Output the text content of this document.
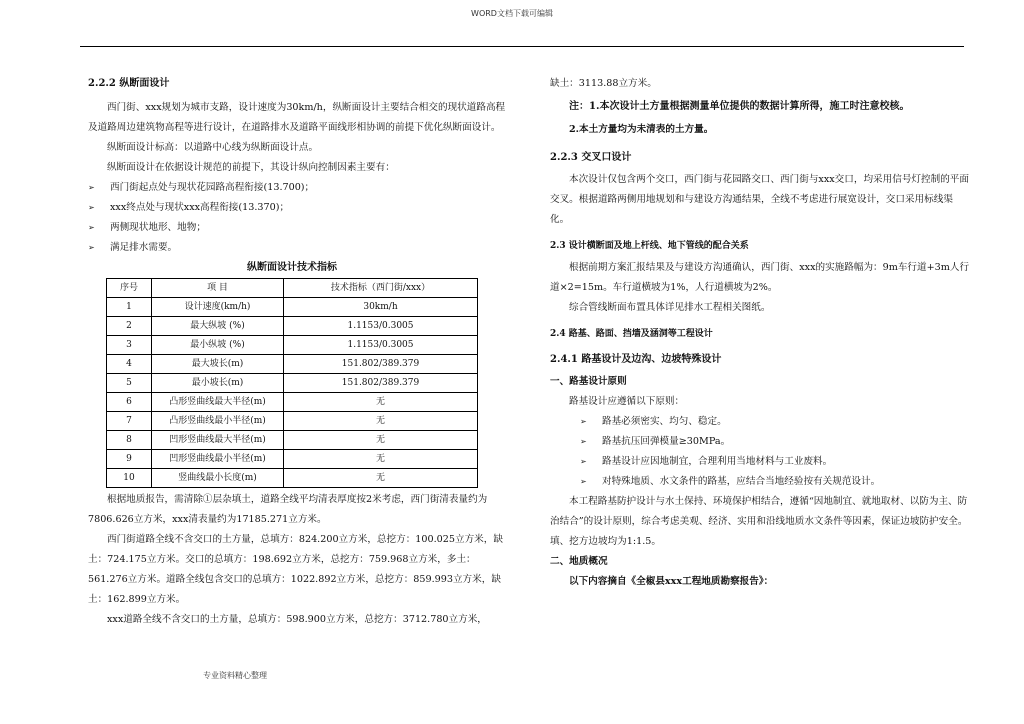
WORD文档下载可编辑

2.2.2 纵断面设计

西门街、xxx规划为城市支路，设计速度为30km/h，纵断面设计主要结合相交的现状道路高程及道路周边建筑物高程等进行设计，在道路排水及道路平面线形相协调的前提下优化纵断面设计。

纵断面设计标高：以道路中心线为纵断面设计点。

纵断面设计在依据设计规范的前提下，其设计纵向控制因素主要有：

➢ 西门街起点处与现状花园路高程衔接(13.700)；

➢ xxx终点处与现状xxx高程衔接(13.370)；

➢ 两侧现状地形、地物；

➢ 满足排水需要。

纵断面设计技术指标

序号	项 目	技术指标（西门街/xxx）
1	设计速度(km/h)	30km/h
2	最大纵坡 (%)	1.1153/0.3005
3	最小纵坡 (%)	1.1153/0.3005
4	最大坡长(m)	151.802/389.379
5	最小坡长(m)	151.802/389.379
6	凸形竖曲线最大半径(m)	无
7	凸形竖曲线最小半径(m)	无
8	凹形竖曲线最大半径(m)	无
9	凹形竖曲线最小半径(m)	无
10	竖曲线最小长度(m)	无

根据地质报告，需清除①层杂填土，道路全线平均清表厚度按2米考虑，西门街清表量约为7806.626立方米，xxx清表量约为17185.271立方米。

西门街道路全线不含交口的土方量，总填方：824.200立方米，总挖方：100.025立方米，缺土：724.175立方米。交口的总填方：198.692立方米，总挖方：759.968立方米，多土：561.276立方米。道路全线包含交口的总填方：1022.892立方米，总挖方：859.993立方米，缺土：162.899立方米。

xxx道路全线不含交口的土方量，总填方：598.900立方米，总挖方：3712.780立方米，

缺土：3113.88立方米。

注：1.本次设计土方量根据测量单位提供的数据计算所得，施工时注意校核。

2.本土方量均为未清表的土方量。

2.2.3 交叉口设计

本次设计仅包含两个交口，西门街与花园路交口、西门街与xxx交口，均采用信号灯控制的平面交叉。根据道路两侧用地规划和与建设方沟通结果，全线不考虑进行展宽设计，交口采用标线渠化。

2.3 设计横断面及地上杆线、地下管线的配合关系

根据前期方案汇报结果及与建设方沟通确认，西门街、xxx的实施路幅为：9m车行道+3m人行道×2=15m。车行道横坡为1%，人行道横坡为2%。

综合管线断面布置具体详见排水工程相关图纸。

2.4 路基、路面、挡墙及涵洞等工程设计

2.4.1 路基设计及边沟、边坡特殊设计

一、路基设计原则

路基设计应遵循以下原则：

➢ 路基必须密实、均匀、稳定。

➢ 路基抗压回弹模量≥30MPa。

➢ 路基设计应因地制宜，合理利用当地材料与工业废料。

➢ 对特殊地质、水文条件的路基，应结合当地经验按有关规范设计。

本工程路基防护设计与水土保持、环境保护相结合，遵循“因地制宜、就地取材、以防为主、防治结合”的设计原则，综合考虑美观、经济、实用和沿线地质水文条件等因素，保证边坡防护安全。填、挖方边坡均为1:1.5。

二、地质概况

以下内容摘自《全椒县xxx工程地质勘察报告》：

专业资料精心整理
